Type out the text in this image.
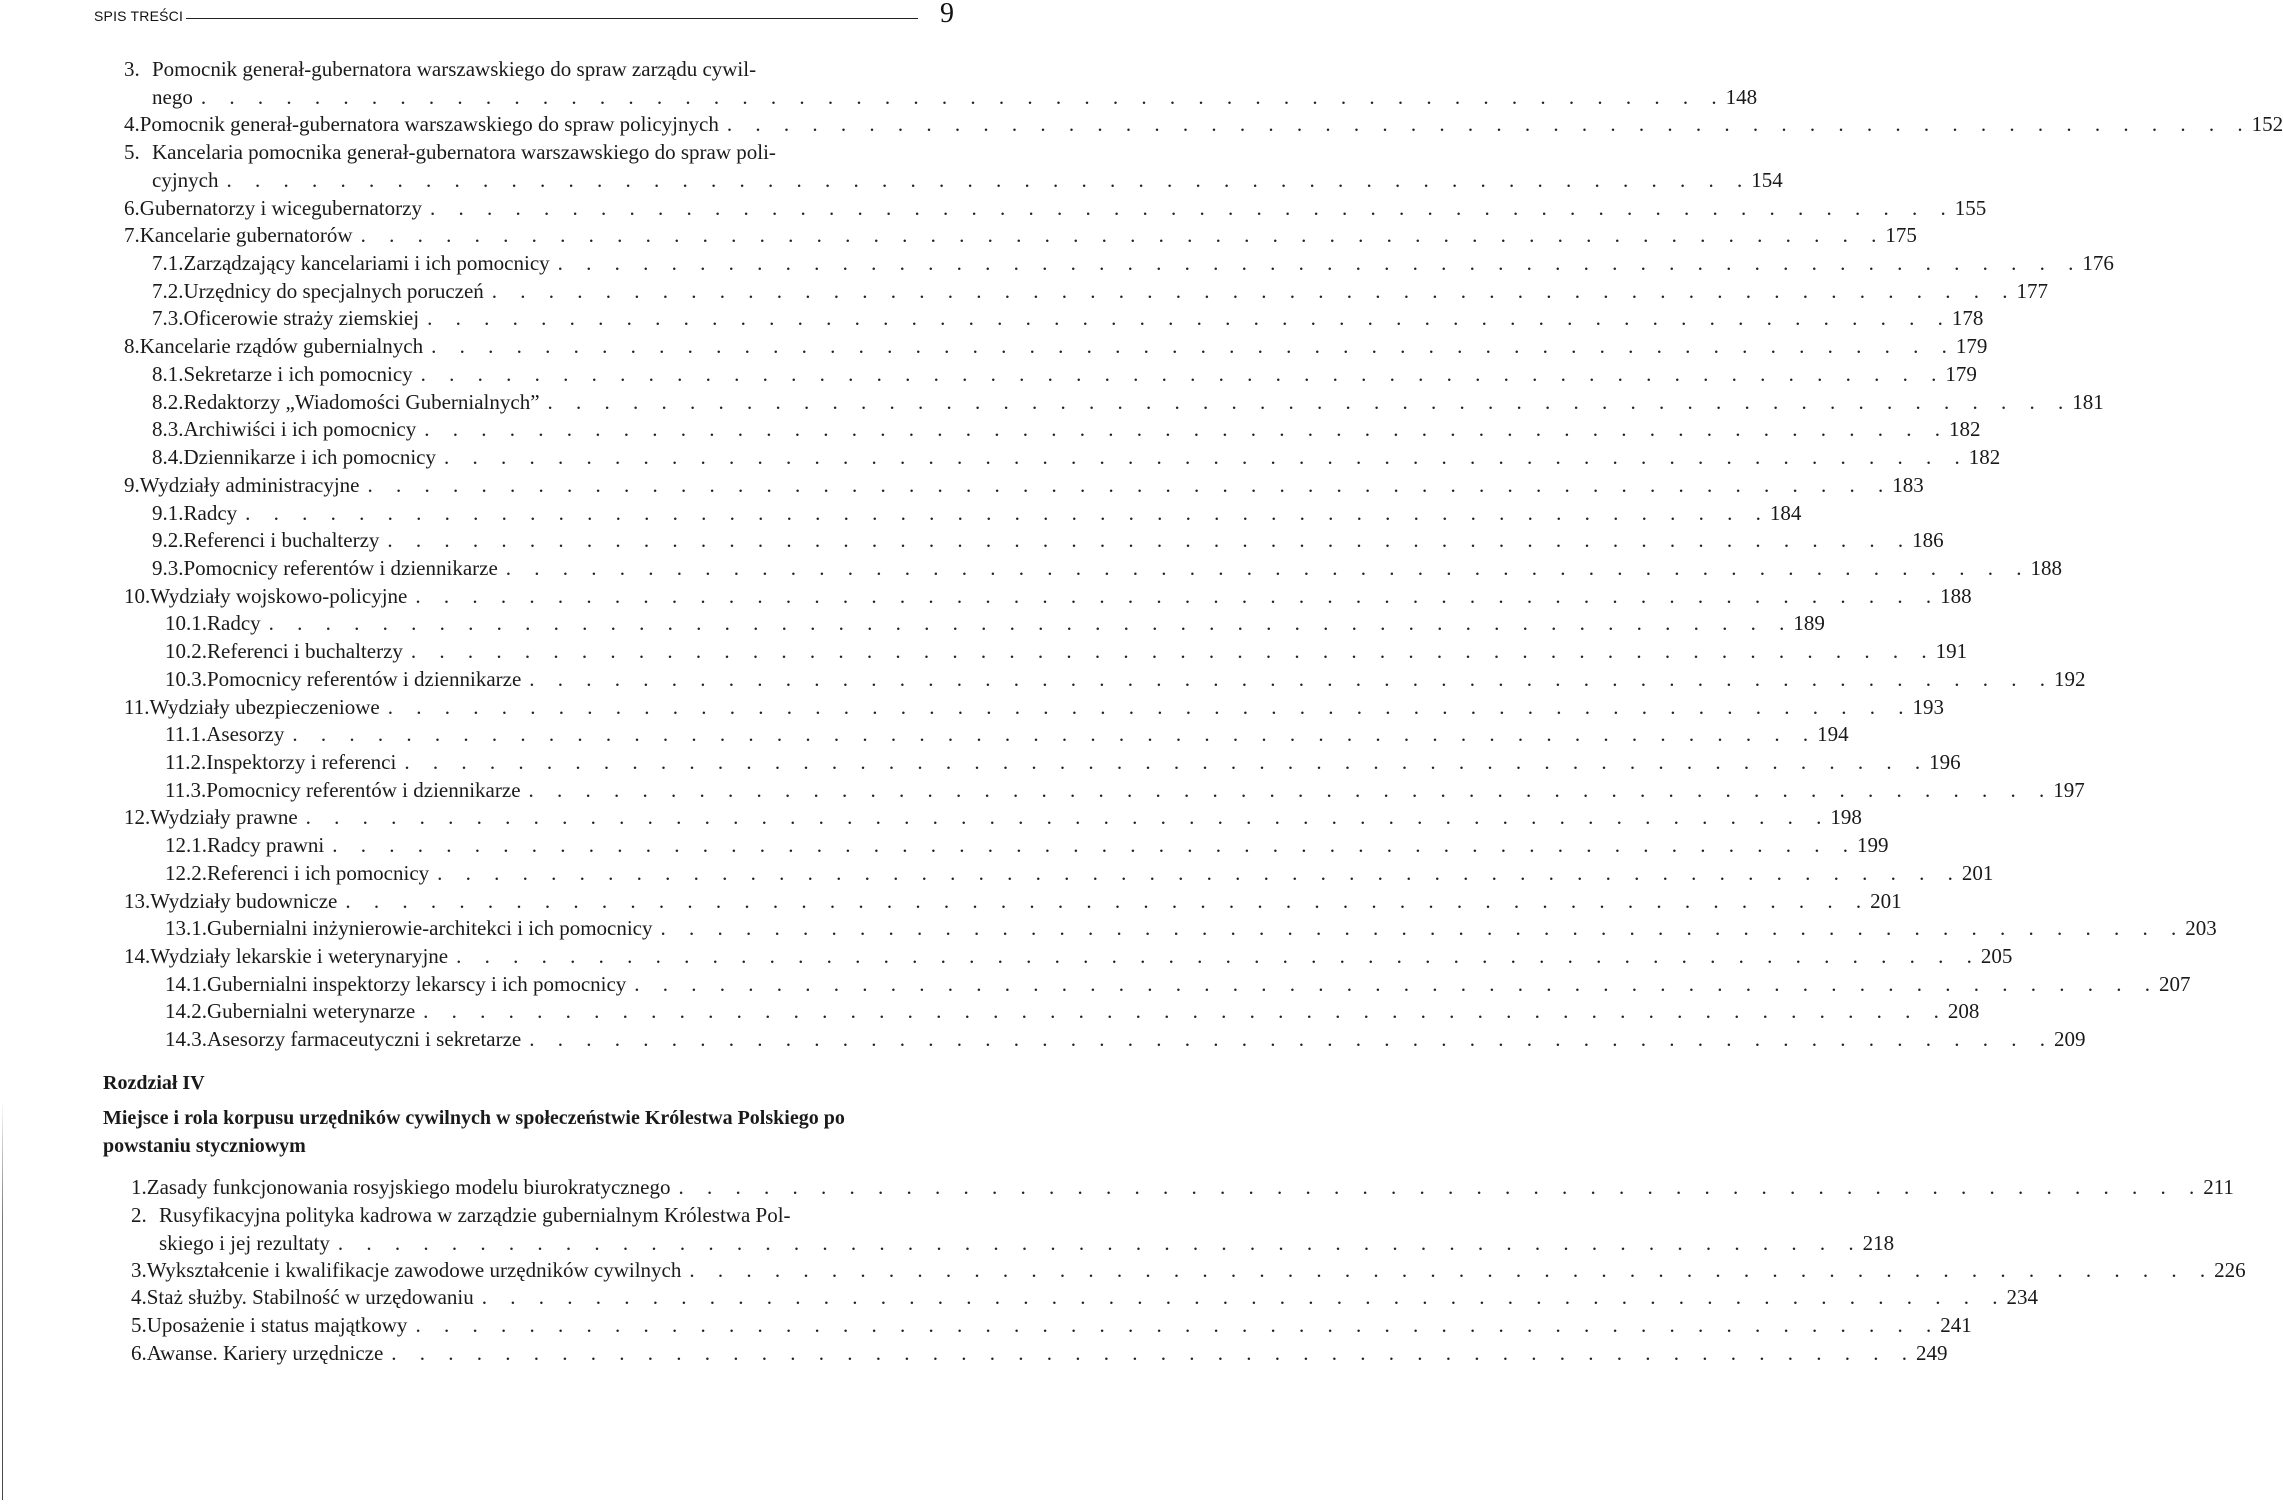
SPIS TREŚCI	9
3. Pomocnik generał-gubernatora warszawskiego do spraw zarządu cywil-
nego . . . . . . . . . . . . . . . . . . . . . . . . . . . . . . . . . . . . . . . . . . . . . . . . . . . . . . 148
4. Pomocnik generał-gubernatora warszawskiego do spraw policyjnych . . . . . . . . . . . . . . . . . . . . . . . . . . . . . . . . . . . . . . . . . . . . . . . . . . . . . . 152
5. Kancelaria pomocnika generał-gubernatora warszawskiego do spraw poli-
cyjnych . . . . . . . . . . . . . . . . . . . . . . . . . . . . . . . . . . . . . . . . . . . . . . . . . . . . . . 154
6. Gubernatorzy i wicegubernatorzy . . . . . . . . . . . . . . . . . . . . . . . . . . . . . . . . . . . . . . . . . . . . . . . . . . . . . . 155
7. Kancelarie gubernatorów . . . . . . . . . . . . . . . . . . . . . . . . . . . . . . . . . . . . . . . . . . . . . . . . . . . . . . 175
7.1. Zarządzający kancelariami i ich pomocnicy . . . . . . . . . . . . . . . . . . . . . . . . . . . . . . . . . . . . . . . . . . . . . . . . . . . . . . 176
7.2. Urzędnicy do specjalnych poruczeń . . . . . . . . . . . . . . . . . . . . . . . . . . . . . . . . . . . . . . . . . . . . . . . . . . . . . . 177
7.3. Oficerowie straży ziemskiej . . . . . . . . . . . . . . . . . . . . . . . . . . . . . . . . . . . . . . . . . . . . . . . . . . . . . . 178
8. Kancelarie rządów gubernialnych . . . . . . . . . . . . . . . . . . . . . . . . . . . . . . . . . . . . . . . . . . . . . . . . . . . . . . 179
8.1. Sekretarze i ich pomocnicy . . . . . . . . . . . . . . . . . . . . . . . . . . . . . . . . . . . . . . . . . . . . . . . . . . . . . . 179
8.2. Redaktorzy „Wiadomości Gubernialnych” . . . . . . . . . . . . . . . . . . . . . . . . . . . . . . . . . . . . . . . . . . . . . . . . . . . . . . 181
8.3. Archiwiści i ich pomocnicy . . . . . . . . . . . . . . . . . . . . . . . . . . . . . . . . . . . . . . . . . . . . . . . . . . . . . . 182
8.4. Dziennikarze i ich pomocnicy . . . . . . . . . . . . . . . . . . . . . . . . . . . . . . . . . . . . . . . . . . . . . . . . . . . . . . 182
9. Wydziały administracyjne . . . . . . . . . . . . . . . . . . . . . . . . . . . . . . . . . . . . . . . . . . . . . . . . . . . . . . 183
9.1. Radcy . . . . . . . . . . . . . . . . . . . . . . . . . . . . . . . . . . . . . . . . . . . . . . . . . . . . . . 184
9.2. Referenci i buchalterzy . . . . . . . . . . . . . . . . . . . . . . . . . . . . . . . . . . . . . . . . . . . . . . . . . . . . . . 186
9.3. Pomocnicy referentów i dziennikarze . . . . . . . . . . . . . . . . . . . . . . . . . . . . . . . . . . . . . . . . . . . . . . . . . . . . . . 188
10. Wydziały wojskowo-policyjne . . . . . . . . . . . . . . . . . . . . . . . . . . . . . . . . . . . . . . . . . . . . . . . . . . . . . . 188
10.1. Radcy . . . . . . . . . . . . . . . . . . . . . . . . . . . . . . . . . . . . . . . . . . . . . . . . . . . . . . 189
10.2. Referenci i buchalterzy . . . . . . . . . . . . . . . . . . . . . . . . . . . . . . . . . . . . . . . . . . . . . . . . . . . . . . 191
10.3. Pomocnicy referentów i dziennikarze . . . . . . . . . . . . . . . . . . . . . . . . . . . . . . . . . . . . . . . . . . . . . . . . . . . . . . 192
11. Wydziały ubezpieczeniowe . . . . . . . . . . . . . . . . . . . . . . . . . . . . . . . . . . . . . . . . . . . . . . . . . . . . . . 193
11.1. Asesorzy . . . . . . . . . . . . . . . . . . . . . . . . . . . . . . . . . . . . . . . . . . . . . . . . . . . . . . 194
11.2. Inspektorzy i referenci . . . . . . . . . . . . . . . . . . . . . . . . . . . . . . . . . . . . . . . . . . . . . . . . . . . . . . 196
11.3. Pomocnicy referentów i dziennikarze . . . . . . . . . . . . . . . . . . . . . . . . . . . . . . . . . . . . . . . . . . . . . . . . . . . . . . 197
12. Wydziały prawne . . . . . . . . . . . . . . . . . . . . . . . . . . . . . . . . . . . . . . . . . . . . . . . . . . . . . . 198
12.1. Radcy prawni . . . . . . . . . . . . . . . . . . . . . . . . . . . . . . . . . . . . . . . . . . . . . . . . . . . . . . 199
12.2. Referenci i ich pomocnicy . . . . . . . . . . . . . . . . . . . . . . . . . . . . . . . . . . . . . . . . . . . . . . . . . . . . . . 201
13. Wydziały budownicze . . . . . . . . . . . . . . . . . . . . . . . . . . . . . . . . . . . . . . . . . . . . . . . . . . . . . . 201
13.1. Gubernialni inżynierowie-architekci i ich pomocnicy . . . . . . . . . . . . . . . . . . . . . . . . . . . . . . . . . . . . . . . . . . . . . . . . . . . . . . 203
14. Wydziały lekarskie i weterynaryjne . . . . . . . . . . . . . . . . . . . . . . . . . . . . . . . . . . . . . . . . . . . . . . . . . . . . . . 205
14.1. Gubernialni inspektorzy lekarscy i ich pomocnicy . . . . . . . . . . . . . . . . . . . . . . . . . . . . . . . . . . . . . . . . . . . . . . . . . . . . . . 207
14.2. Gubernialni weterynarze . . . . . . . . . . . . . . . . . . . . . . . . . . . . . . . . . . . . . . . . . . . . . . . . . . . . . . 208
14.3. Asesorzy farmaceutyczni i sekretarze . . . . . . . . . . . . . . . . . . . . . . . . . . . . . . . . . . . . . . . . . . . . . . . . . . . . . . 209
Rozdział IV
Miejsce i rola korpusu urzędników cywilnych w społeczeństwie Królestwa Polskiego po powstaniu styczniowym
1. Zasady funkcjonowania rosyjskiego modelu biurokratycznego . . . . . . . . . . . . . . . . . . . . . . . . . . . . . . . . . . . . . . . . . . . . . . . . . . . . . . 211
2. Rusyfikacyjna polityka kadrowa w zarządzie gubernialnym Królestwa Pol-
skiego i jej rezultaty . . . . . . . . . . . . . . . . . . . . . . . . . . . . . . . . . . . . . . . . . . . . . . . . . . . . . . 218
3. Wykształcenie i kwalifikacje zawodowe urzędników cywilnych . . . . . . . . . . . . . . . . . . . . . . . . . . . . . . . . . . . . . . . . . . . . . . . . . . . . . . 226
4. Staż służby. Stabilność w urzędowaniu . . . . . . . . . . . . . . . . . . . . . . . . . . . . . . . . . . . . . . . . . . . . . . . . . . . . . . 234
5. Uposażenie i status majątkowy . . . . . . . . . . . . . . . . . . . . . . . . . . . . . . . . . . . . . . . . . . . . . . . . . . . . . . 241
6. Awanse. Kariery urzędnicze . . . . . . . . . . . . . . . . . . . . . . . . . . . . . . . . . . . . . . . . . . . . . . . . . . . . . . 249
